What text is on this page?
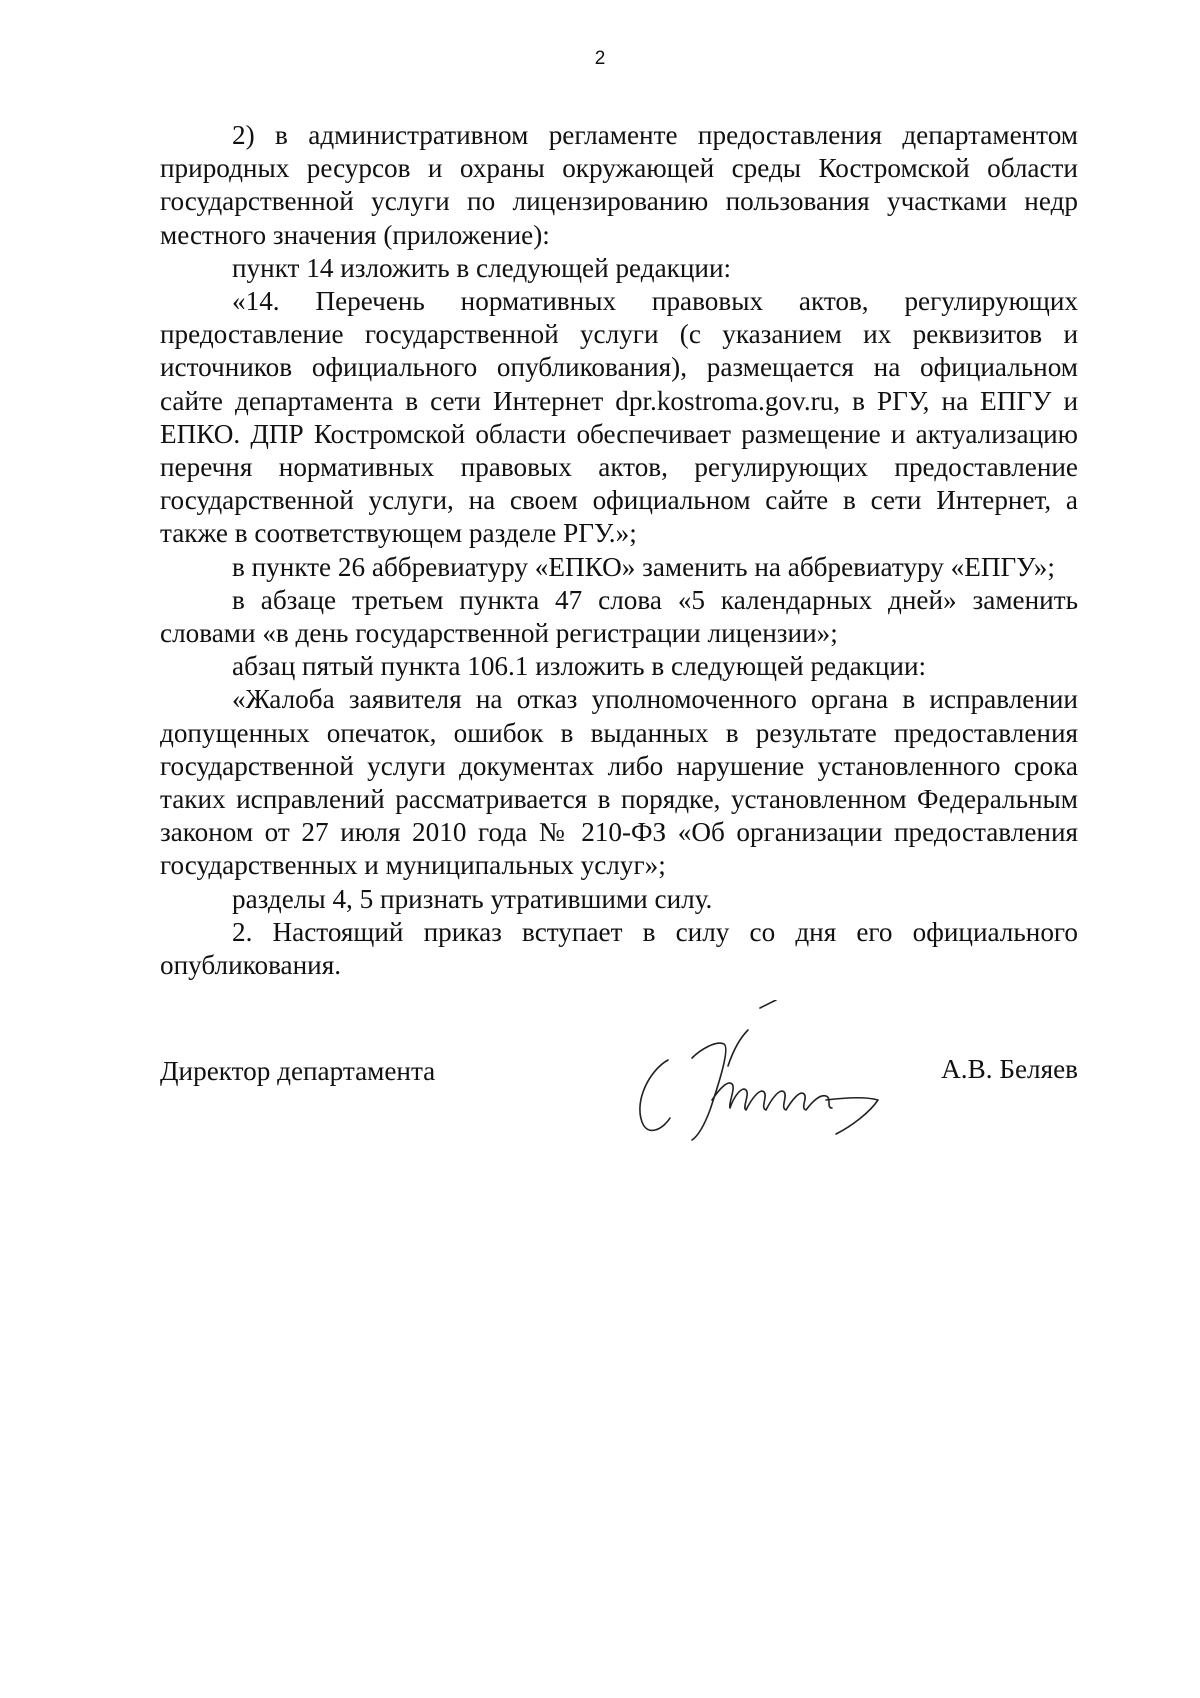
2

2) в административном регламенте предоставления департаментом природных ресурсов и охраны окружающей среды Костромской области государственной услуги по лицензированию пользования участками недр местного значения (приложение):

пункт 14 изложить в следующей редакции:

«14. Перечень нормативных правовых актов, регулирующих предоставление государственной услуги (с указанием их реквизитов и источников официального опубликования), размещается на официальном сайте департамента в сети Интернет dpr.kostroma.gov.ru, в РГУ, на ЕПГУ и ЕПКО. ДПР Костромской области обеспечивает размещение и актуализацию перечня нормативных правовых актов, регулирующих предоставление государственной услуги, на своем официальном сайте в сети Интернет, а также в соответствующем разделе РГУ.»;

в пункте 26 аббревиатуру «ЕПКО» заменить на аббревиатуру «ЕПГУ»;

в абзаце третьем пункта 47 слова «5 календарных дней» заменить словами «в день государственной регистрации лицензии»;

абзац пятый пункта 106.1 изложить в следующей редакции:

«Жалоба заявителя на отказ уполномоченного органа в исправлении допущенных опечаток, ошибок в выданных в результате предоставления государственной услуги документах либо нарушение установленного срока таких исправлений рассматривается в порядке, установленном Федеральным законом от 27 июля 2010 года № 210-ФЗ «Об организации предоставления государственных и муниципальных услуг»;

разделы 4, 5 признать утратившими силу.

2. Настоящий приказ вступает в силу со дня его официального опубликования.

Директор департамента	А.В. Беляев
